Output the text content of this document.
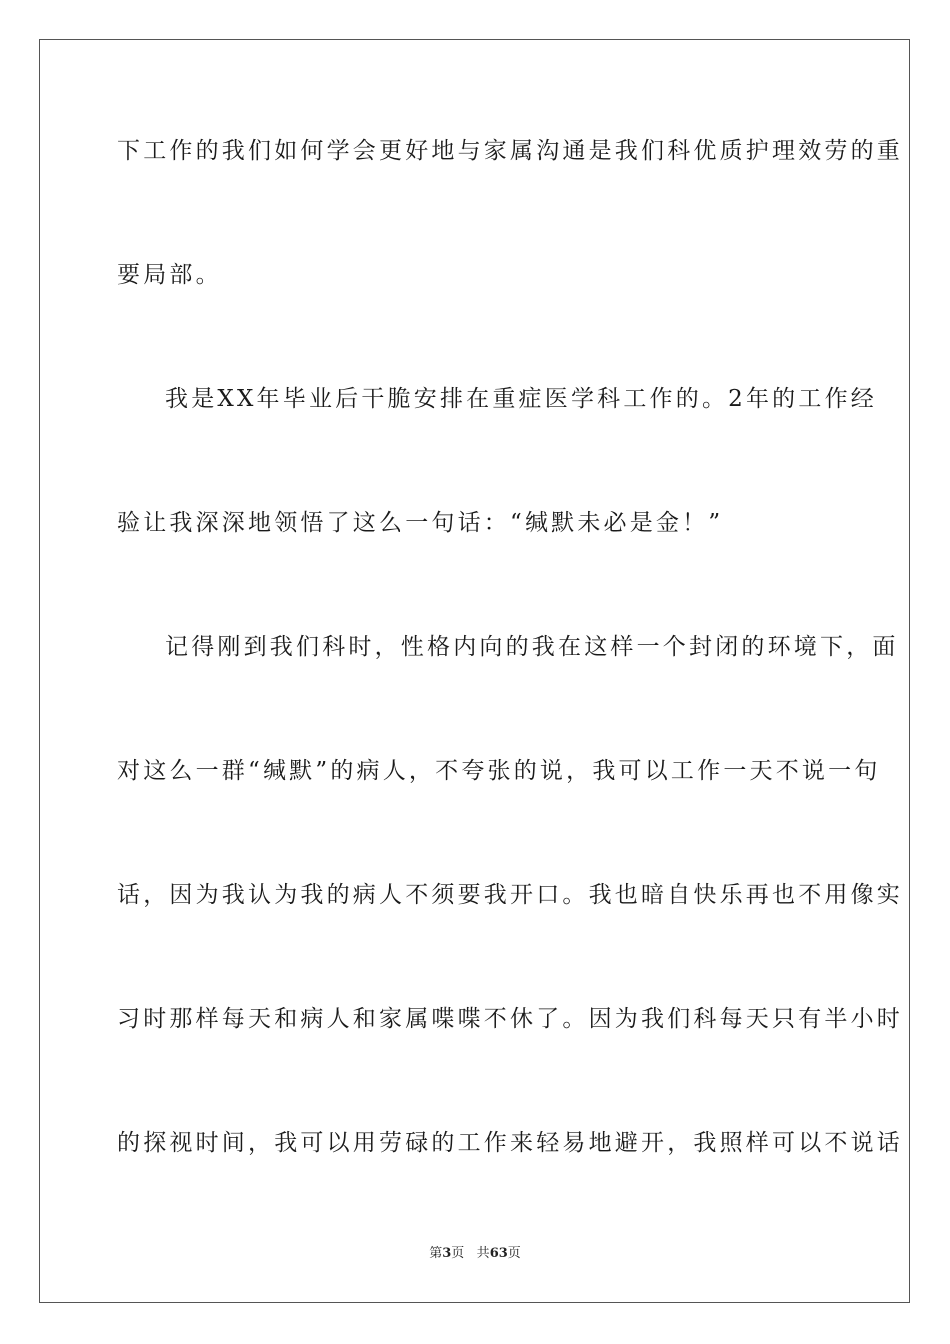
下工作的我们如何学会更好地与家属沟通是我们科优质护理效劳的重
要局部。
我是XX年毕业后干脆安排在重症医学科工作的。2年的工作经
验让我深深地领悟了这么一句话：“缄默未必是金！”
记得刚到我们科时，性格内向的我在这样一个封闭的环境下，面
对这么一群“缄默”的病人，不夸张的说，我可以工作一天不说一句
话，因为我认为我的病人不须要我开口。我也暗自快乐再也不用像实
习时那样每天和病人和家属喋喋不休了。因为我们科每天只有半小时
的探视时间，我可以用劳碌的工作来轻易地避开，我照样可以不说话
第3页 共63页
